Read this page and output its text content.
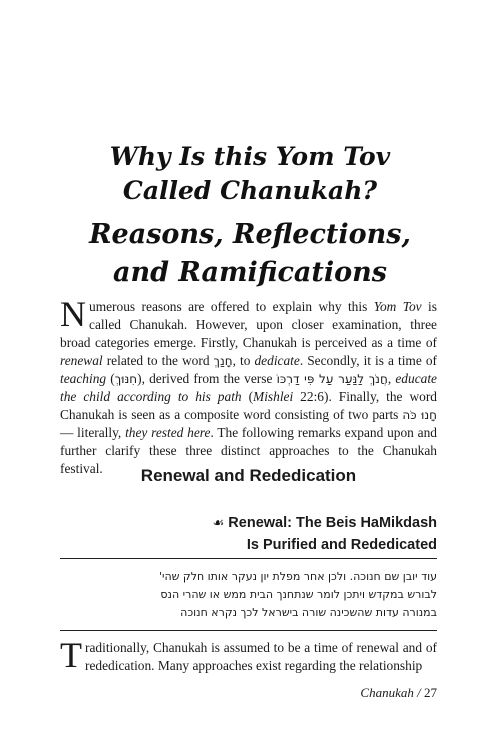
Why Is this Yom Tov
Called Chanukah?
Reasons, Reflections,
and Ramifications

Numerous reasons are offered to explain why this Yom Tov is called Chanukah. However, upon closer examination, three broad categories emerge. Firstly, Chanukah is perceived as a time of renewal related to the word חָנַךְ, to dedicate. Secondly, it is a time of teaching (חִנּוּךְ), derived from the verse חֲנֹךְ לַנַּעַר עַל פִּי דַרְכּוֹ, educate the child according to his path (Mishlei 22:6). Finally, the word Chanukah is seen as a composite word consisting of two parts חָנוּ כֹּה — literally, they rested here. The following remarks expand upon and further clarify these three distinct approaches to the Chanukah festival.	Renewal and Rededication
☙ Renewal: The Beis HaMikdash
Is Purified and Rededicated
עוד יובן שם חנוכה. ולכן אחר מפלת יון נעקר אותו חלק שהי'
לבורש במקדש ויתכן לומר שנתחנך הבית ממש או שהרי הנס
במנורה עדות שהשכינה שורה בישראל לכך נקרא חנוכה

Traditionally, Chanukah is assumed to be a time of renewal and of rededication. Many approaches exist regarding the relationship

Chanukah / 27
